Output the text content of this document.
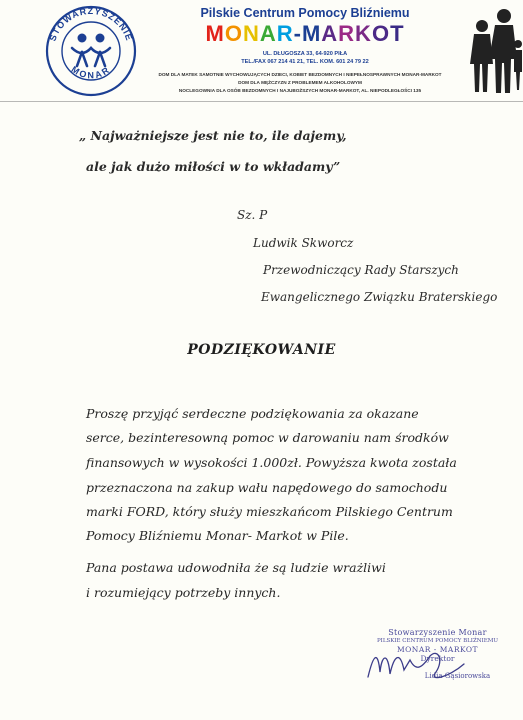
STOWARZYSZENIE
MONAR
Pilskie Centrum Pomocy Bliźniemu
MONAR-MARKOT
UL. DŁUGOSZA 33, 64-920 PIŁA
TEL./FAX 067 214 41 21, TEL. KOM. 601 24 79 22
DOM DLA MATEK SAMOTNIE WYCHOWUJĄCYCH DZIECI, KOBIET BEZDOMNYCH I NIEPEŁNOSPRAWNYCH MONAR-MARKOT
DOM DLA MĘŻCZYZN Z PROBLEMEM ALKOHOLOWYM
NOCLEGOWNIA DLA OSÓB BEZDOMNYCH I NAJUBOŻSZYCH MONAR-MARKOT, AL. NIEPODLEGŁOŚCI 135
„ Najważniejsze jest nie to, ile dajemy,
ale jak dużo miłości w to wkładamy”
Sz. P
Ludwik Skworcz
Przewodniczący Rady Starszych
Ewangelicznego Związku Braterskiego
PODZIĘKOWANIE
Proszę przyjąć serdeczne podziękowania za okazane
serce, bezinteresowną pomoc w darowaniu nam środków
finansowych w wysokości 1.000zł. Powyższa kwota została
przeznaczona na zakup wału napędowego do samochodu
marki FORD, który służy mieszkańcom Pilskiego Centrum
Pomocy Bliźniemu Monar- Markot w Pile.
Pana postawa udowodniła że są ludzie wrażliwi
i rozumiejący potrzeby innych.
Stowarzyszenie Monar
PILSKIE CENTRUM POMOCY BLIŹNIEMU
MONAR - MARKOT
Dyrektor
Lidia Gąsiorowska
